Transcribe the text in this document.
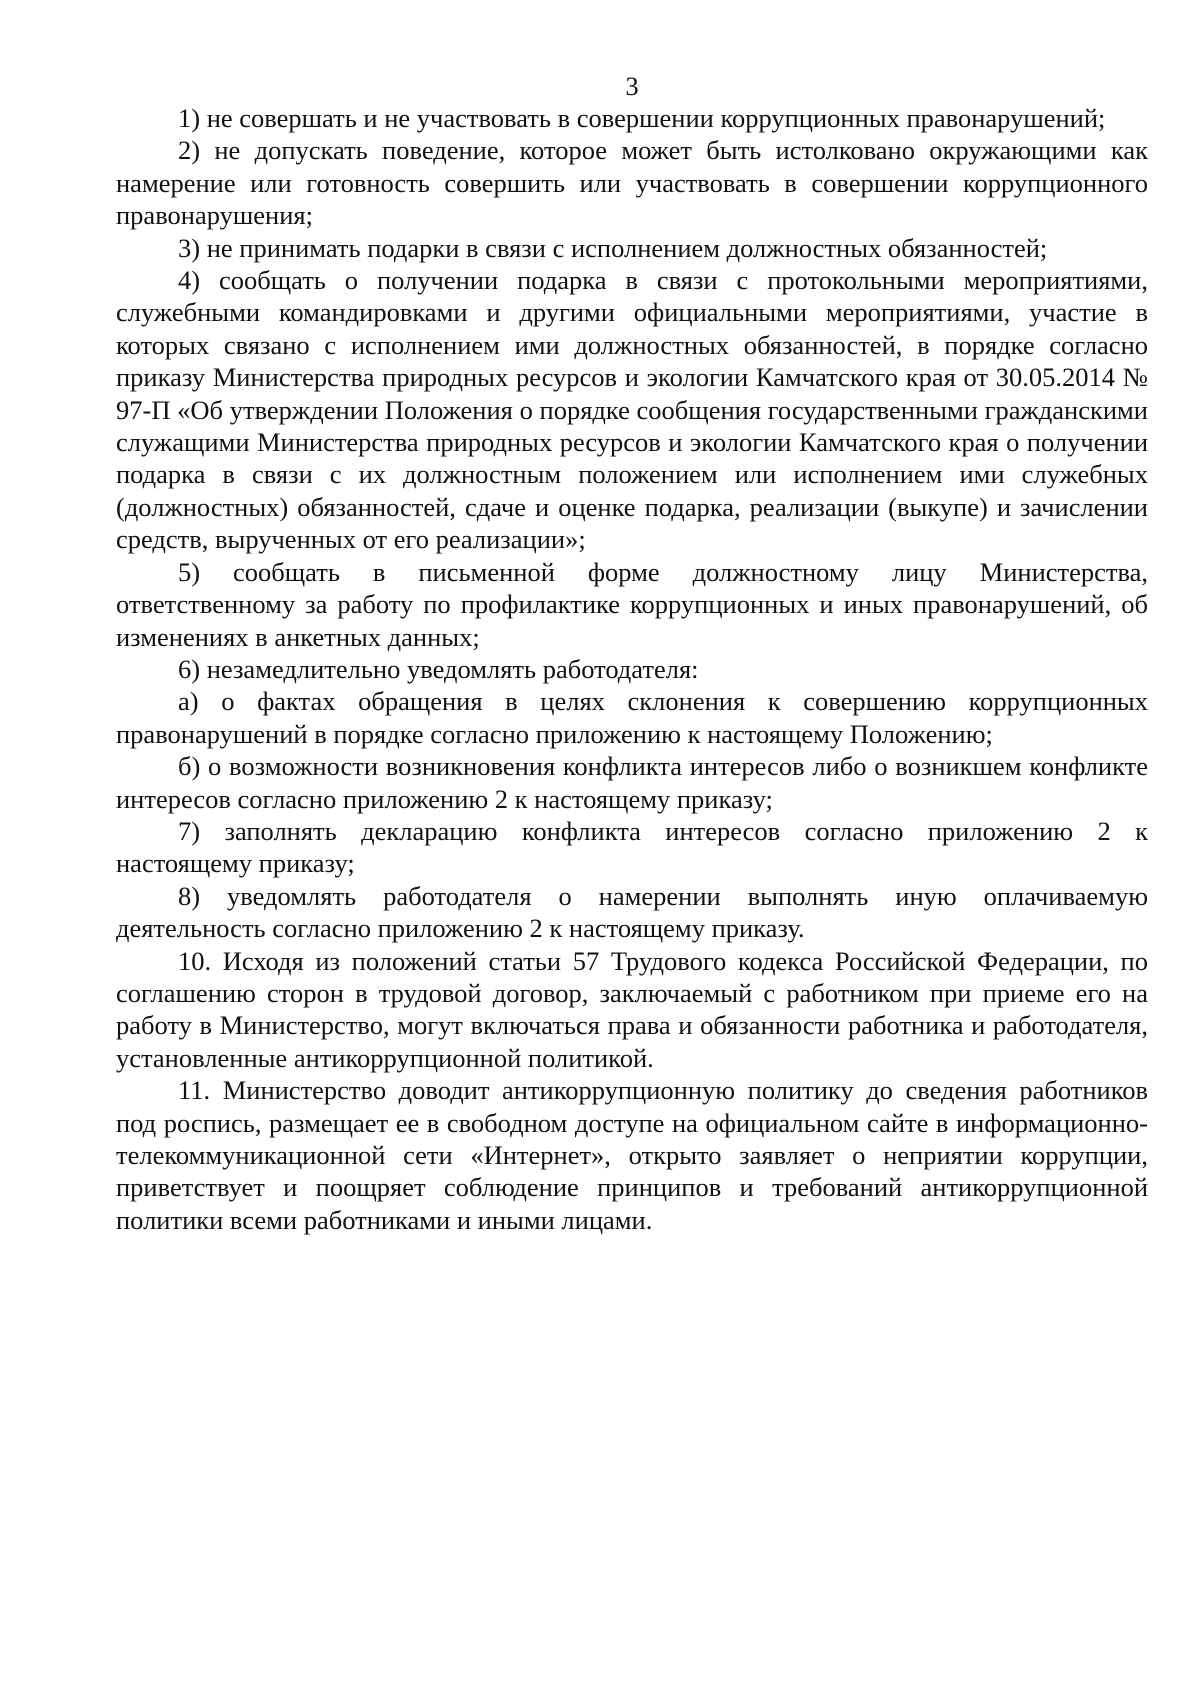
3

1) не совершать и не участвовать в совершении коррупционных правонарушений;

2) не допускать поведение, которое может быть истолковано окружающими как намерение или готовность совершить или участвовать в совершении коррупционного правонарушения;

3) не принимать подарки в связи с исполнением должностных обязанностей;

4) сообщать о получении подарка в связи с протокольными мероприятиями, служебными командировками и другими официальными мероприятиями, участие в которых связано с исполнением ими должностных обязанностей, в порядке согласно приказу Министерства природных ресурсов и экологии Камчатского края от 30.05.2014 № 97-П «Об утверждении Положения о порядке сообщения государственными гражданскими служащими Министерства природных ресурсов и экологии Камчатского края о получении подарка в связи с их должностным положением или исполнением ими служебных (должностных) обязанностей, сдаче и оценке подарка, реализации (выкупе) и зачислении средств, вырученных от его реализации»;

5) сообщать в письменной форме должностному лицу Министерства, ответственному за работу по профилактике коррупционных и иных правонарушений, об изменениях в анкетных данных;

6) незамедлительно уведомлять работодателя:

а) о фактах обращения в целях склонения к совершению коррупционных правонарушений в порядке согласно приложению к настоящему Положению;

б) о возможности возникновения конфликта интересов либо о возникшем конфликте интересов согласно приложению 2 к настоящему приказу;

7) заполнять декларацию конфликта интересов согласно приложению 2 к настоящему приказу;

8) уведомлять работодателя о намерении выполнять иную оплачиваемую деятельность согласно приложению 2 к настоящему приказу.

10. Исходя из положений статьи 57 Трудового кодекса Российской Федерации, по соглашению сторон в трудовой договор, заключаемый с работником при приеме его на работу в Министерство, могут включаться права и обязанности работника и работодателя, установленные антикоррупционной политикой.

11. Министерство доводит антикоррупционную политику до сведения работников под роспись, размещает ее в свободном доступе на официальном сайте в информационно-телекоммуникационной сети «Интернет», открыто заявляет о неприятии коррупции, приветствует и поощряет соблюдение принципов и требований антикоррупционной политики всеми работниками и иными лицами.
